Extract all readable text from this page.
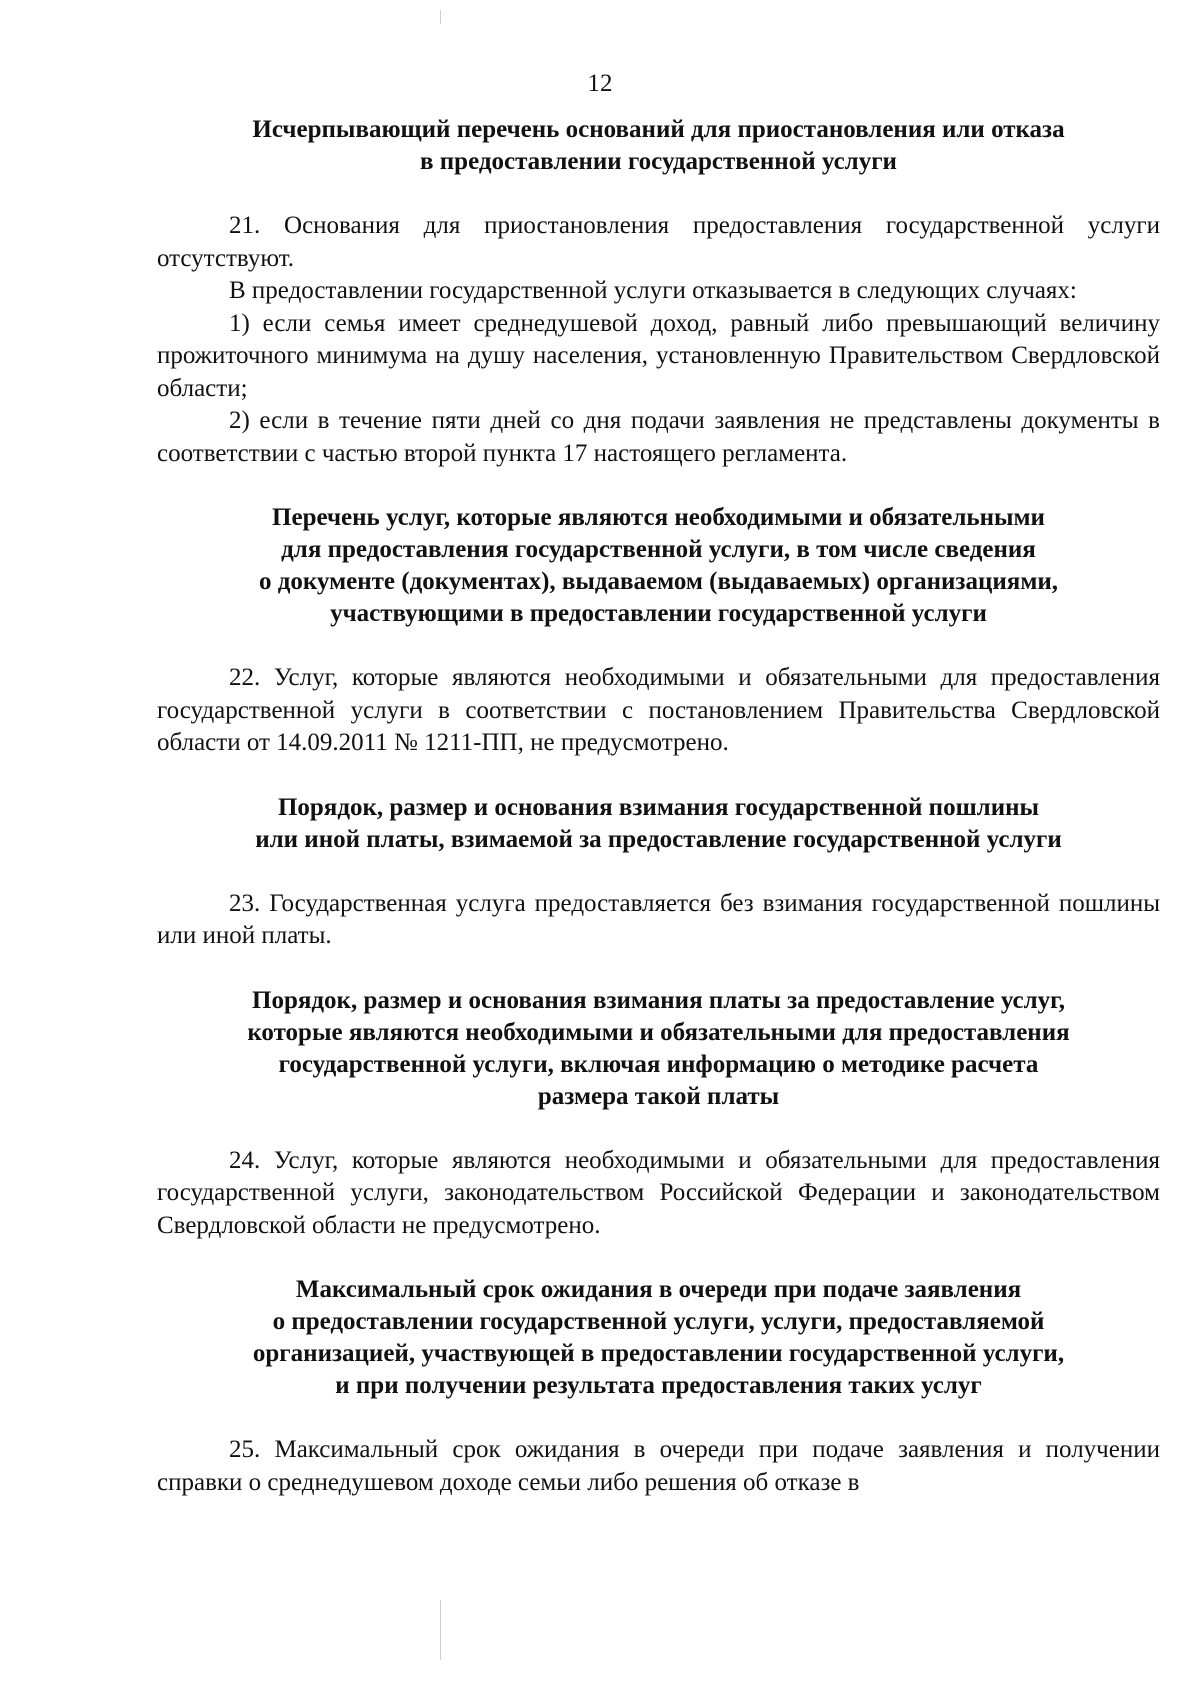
12
Исчерпывающий перечень оснований для приостановления или отказа
в предоставлении государственной услуги

21. Основания для приостановления предоставления государственной услуги отсутствуют.

В предоставлении государственной услуги отказывается в следующих случаях:

1) если семья имеет среднедушевой доход, равный либо превышающий величину прожиточного минимума на душу населения, установленную Правительством Свердловской области;

2) если в течение пяти дней со дня подачи заявления не представлены документы в соответствии с частью второй пункта 17 настоящего регламента.

Перечень услуг, которые являются необходимыми и обязательными
для предоставления государственной услуги, в том числе сведения
о документе (документах), выдаваемом (выдаваемых) организациями,
участвующими в предоставлении государственной услуги

22. Услуг, которые являются необходимыми и обязательными для предоставления государственной услуги в соответствии с постановлением Правительства Свердловской области от 14.09.2011 № 1211-ПП, не предусмотрено.

Порядок, размер и основания взимания государственной пошлины
или иной платы, взимаемой за предоставление государственной услуги

23. Государственная услуга предоставляется без взимания государственной пошлины или иной платы.

Порядок, размер и основания взимания платы за предоставление услуг,
которые являются необходимыми и обязательными для предоставления
государственной услуги, включая информацию о методике расчета
размера такой платы

24. Услуг, которые являются необходимыми и обязательными для предоставления государственной услуги, законодательством Российской Федерации и законодательством Свердловской области не предусмотрено.

Максимальный срок ожидания в очереди при подаче заявления
о предоставлении государственной услуги, услуги, предоставляемой
организацией, участвующей в предоставлении государственной услуги,
и при получении результата предоставления таких услуг

25. Максимальный срок ожидания в очереди при подаче заявления и получении справки о среднедушевом доходе семьи либо решения об отказе в
